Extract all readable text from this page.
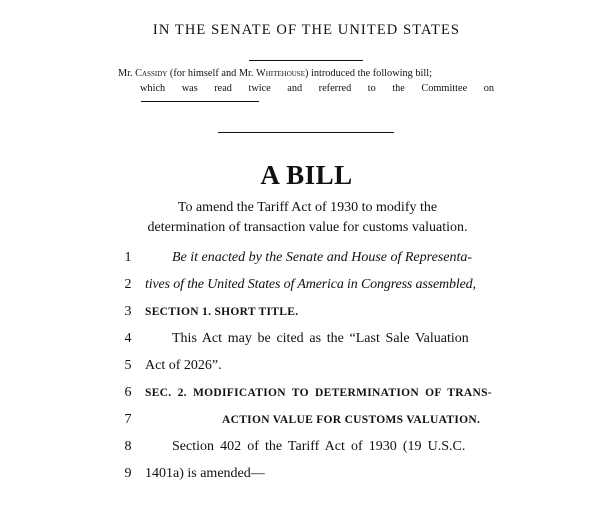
IN THE SENATE OF THE UNITED STATES
Mr. Cassidy (for himself and Mr. Whitehouse) introduced the following bill;
which was read twice and referred to the Committee on
A BILL
To amend the Tariff Act of 1930 to modify the
determination of transaction value for customs valuation.
1	Be it enacted by the Senate and House of Representa-
2 tives of the United States of America in Congress assembled,
3	SECTION 1. SHORT TITLE.
4	This Act may be cited as the “Last Sale Valuation
5 Act of 2026”.
6	SEC. 2. MODIFICATION TO DETERMINATION OF TRANS-
7	ACTION VALUE FOR CUSTOMS VALUATION.
8	Section 402 of the Tariff Act of 1930 (19 U.S.C.
9 1401a) is amended—
